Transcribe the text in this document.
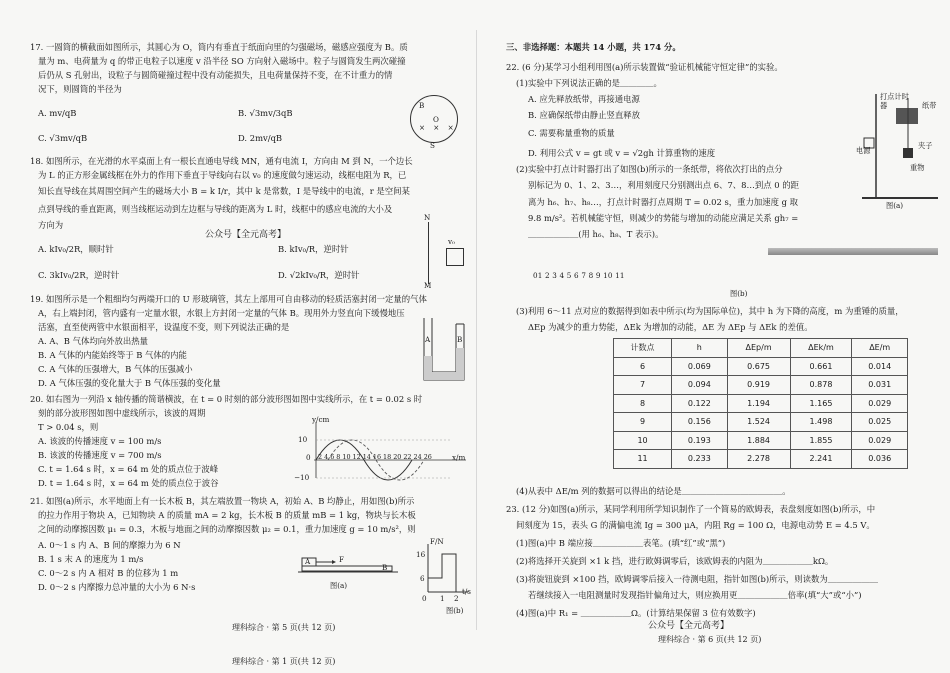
17. 一圆筒的横截面如图所示，其圆心为 O，筒内有垂直于纸面向里的匀强磁场，磁感应强度为 B。质
量为 m、电荷量为 q 的带正电粒子以速度 v 沿半径 SO 方向射入磁场中。粒子与圆筒发生两次碰撞
后仍从 S 孔射出，设粒子与圆筒碰撞过程中没有动能损失，且电荷量保持不变，在不计重力的情
况下，则圆筒的半径为
A. mv/qB	B. √3mv/3qB
C. √3mv/qB	D. 2mv/qB
B
O
× × ×
S
18. 如图所示，在光滑的水平桌面上有一根长直通电导线 MN，通有电流 I，方向由 M 到 N，一个边长
为 L 的正方形金属线框在外力的作用下垂直于导线向右以 v₀ 的速度做匀速运动，线框电阻为 R，已
知长直导线在其周围空间产生的磁场大小 B = k I/r，其中 k 是常数，I 是导线中的电流，r 是空间某
点到导线的垂直距离，则当线框运动到左边框与导线的距离为 L 时，线框中的感应电流的大小及
方向为
公众号【全元高考】
A. kIv₀/2R，顺时针	B. kIv₀/R，逆时针
C. 3kIv₀/2R，逆时针	D. √2kIv₀/R，逆时针
N
M
v₀
19. 如图所示是一个粗细均匀两端开口的 U 形玻璃管，其左上部用可自由移动的轻质活塞封闭一定量的气体
A，右上端封闭，管内盛有一定量水银，水银上方封闭一定量的气体 B。现用外力竖直向下缓慢地压
活塞，直至使两管中水银面相平，设温度不变，则下列说法正确的是
A. A、B 气体均向外放出热量
B. A 气体的内能始终等于 B 气体的内能
C. A 气体的压强增大，B 气体的压强减小
D. A 气体压强的变化量大于 B 气体压强的变化量
A	B
20. 如右图为一列沿 x 轴传播的简谐横波，在 t = 0 时刻的部分波形图如图中实线所示，在 t = 0.02 s 时
刻的部分波形图如图中虚线所示，该波的周期
T > 0.04 s，则
A. 该波的传播速度 v = 100 m/s
B. 该波的传播速度 v = 700 m/s
C. t = 1.64 s 时，x = 64 m 处的质点位于波峰
D. t = 1.64 s 时，x = 64 m 处的质点位于波谷
y/cm
10
−10
2 4 6 8 10 12 14 16 18 20 22 24 26	x/m
0
21. 如图(a)所示，水平地面上有一长木板 B，其左端放置一物块 A，初始 A、B 均静止，用如图(b)所示
的拉力作用于物块 A，已知物块 A 的质量 mA = 2 kg，长木板 B 的质量 mB = 1 kg，物块与长木板
之间的动摩擦因数 μ₁ = 0.3，木板与地面之间的动摩擦因数 μ₂ = 0.1，重力加速度 g = 10 m/s²，则
A. 0～1 s 内 A、B 间的摩擦力为 6 N
B. 1 s 末 A 的速度为 1 m/s
C. 0～2 s 内 A 相对 B 的位移为 1 m
D. 0～2 s 内摩擦力总冲量的大小为 6 N·s
A	F
B
图(a)
F/N
16
6
0 1 2
t/s
图(b)
理科综合 · 第 5 页(共 12 页)
理科综合 · 第 1 页(共 12 页)
三、非选择题：本题共 14 小题，共 174 分。
22. (6 分)某学习小组利用图(a)所示装置做“验证机械能守恒定律”的实验。
(1)实验中下列说法正确的是＿＿＿＿。
A. 应先释放纸带，再接通电源
B. 应确保纸带由静止竖直释放
C. 需要称量重物的质量
D. 利用公式 v = gt 或 v = √2gh 计算重物的速度
(2)实验中打点计时器打出了如图(b)所示的一条纸带，将依次打出的点分
别标记为 0、1、2、3…，利用刻度尺分别测出点 6、7、8…到点 0 的距
离为 h₆、h₇、h₈…，打点计时器打点周期 T = 0.02 s，重力加速度 g 取
9.8 m/s²。若机械能守恒，则减少的势能与增加的动能应满足关系 gh₇ =
＿＿＿＿＿＿(用 h₆、h₈、T 表示)。
打点计时器	纸带
电源
夹子
重物
图(a)
01 2 3 4 5 6 7 8 9 10 11
图(b)
(3)利用 6～11 点对应的数据得到如表中所示(均为国际单位)，其中 h 为下降的高度，m 为重锤的质量，
ΔEp 为减少的重力势能，ΔEk 为增加的动能，ΔE 为 ΔEp 与 ΔEk 的差值。
计数点	h	ΔEp/m	ΔEk/m	ΔE/m
6	0.069	0.675	0.661	0.014
7	0.094	0.919	0.878	0.031
8	0.122	1.194	1.165	0.029
9	0.156	1.524	1.498	0.025
10	0.193	1.884	1.855	0.029
11	0.233	2.278	2.241	0.036
(4)从表中 ΔE/m 列的数据可以得出的结论是＿＿＿＿＿＿＿＿＿＿＿＿。
23. (12 分)如图(a)所示，某同学利用所学知识制作了一个简易的欧姆表，表盘刻度如图(b)所示，中
间刻度为 15，表头 G 的满偏电流 Ig = 300 μA，内阻 Rg = 100 Ω，电源电动势 E = 4.5 V。
(1)图(a)中 B 端应接＿＿＿＿＿＿表笔。(填“红”或“黑”)
(2)将选择开关旋到 ×1 k 挡，进行欧姆调零后，该欧姆表的内阻为＿＿＿＿＿＿kΩ。
(3)将旋钮旋到 ×100 挡，欧姆调零后接入一待测电阻，指针如图(b)所示，则读数为＿＿＿＿＿＿
若继续接入一电阻测量时发现指针偏角过大，则应换用更＿＿＿＿＿＿倍率(填“大”或“小”)
(4)图(a)中 R₁ = ＿＿＿＿＿＿Ω。(计算结果保留 3 位有效数字)
公众号【全元高考】
理科综合 · 第 6 页(共 12 页)
